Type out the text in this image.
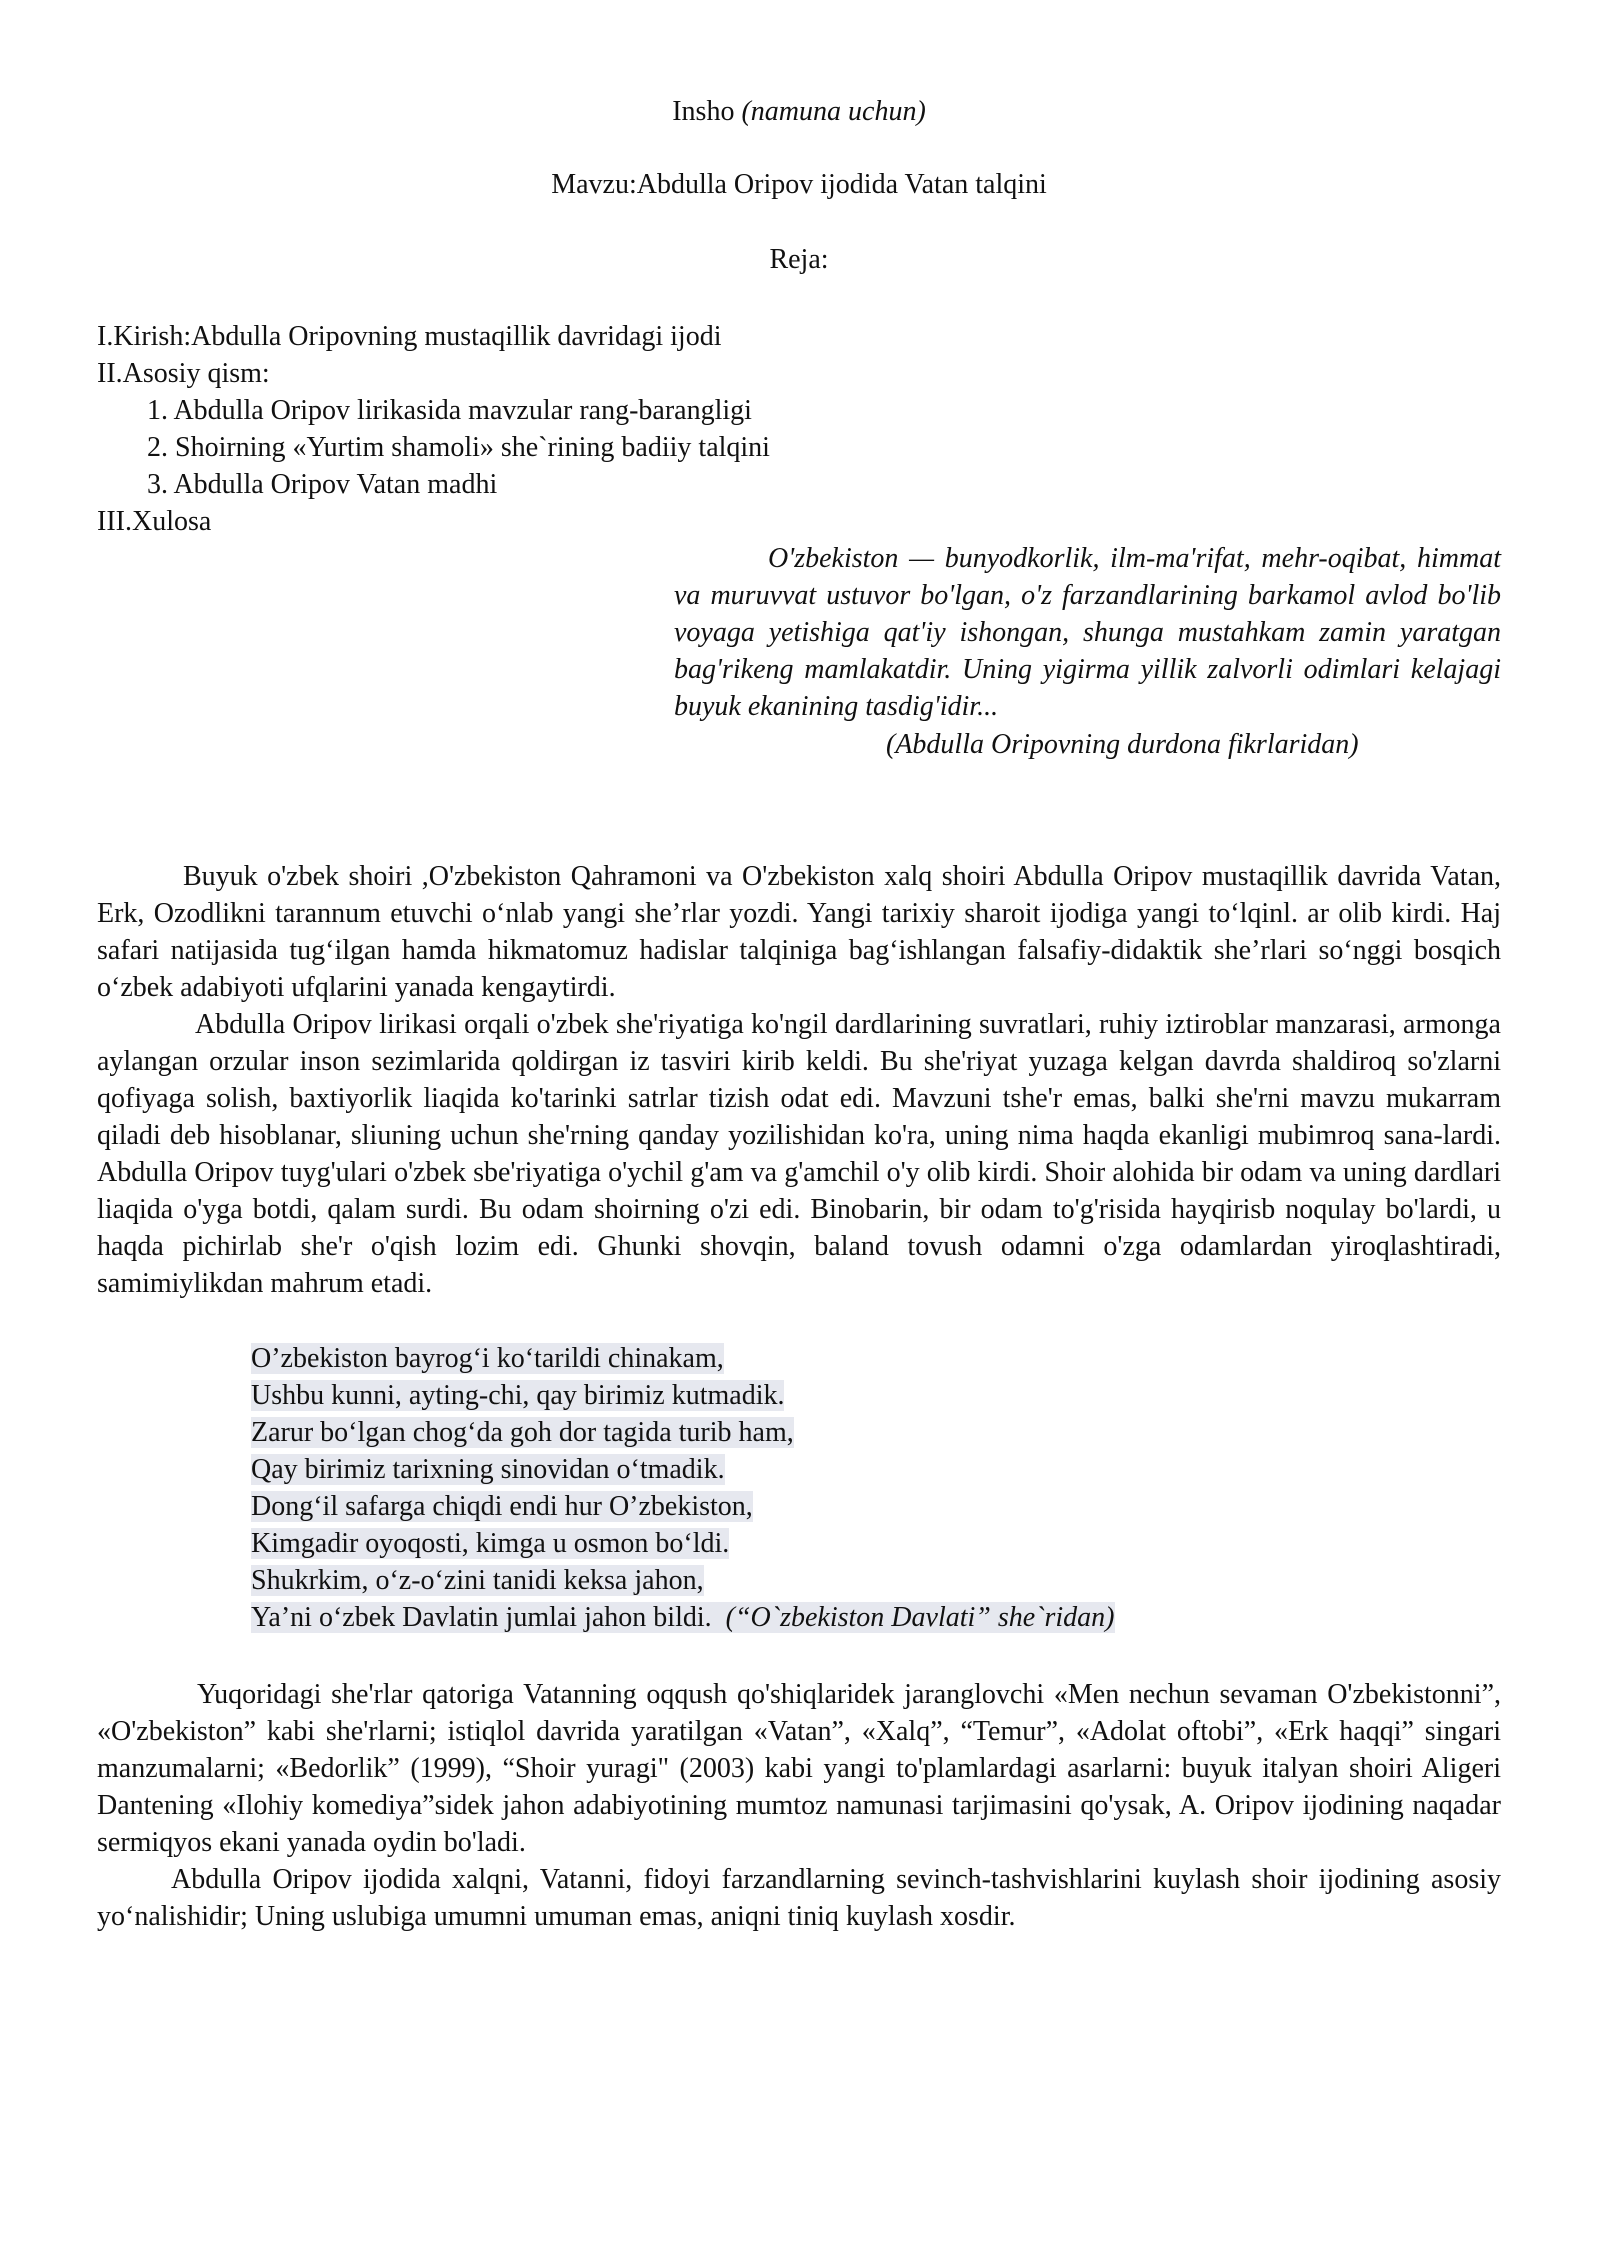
Insho (namuna uchun)
Mavzu:Abdulla Oripov ijodida Vatan talqini
Reja:
I.Kirish:Abdulla Oripovning mustaqillik davridagi ijodi
II.Asosiy qism:
1. Abdulla Oripov lirikasida mavzular rang-barangligi
2. Shoirning «Yurtim shamoli» she`rining badiiy talqini
3. Abdulla Oripov Vatan madhi
III.Xulosa
O'zbekiston — bunyodkorlik, ilm-ma'rifat, mehr-oqibat, himmat va muruvvat ustuvor bo'lgan, o'z farzandlarining barkamol avlod bo'lib voyaga yetishiga qat'iy ishongan, shunga mustahkam zamin yaratgan bag'rikeng mamlakatdir. Uning yigirma yillik zalvorli odimlari kelajagi buyuk ekanining tasdig'idir...
(Abdulla Oripovning durdona fikrlaridan)

Buyuk o'zbek shoiri ,O'zbekiston Qahramoni va O'zbekiston xalq shoiri Abdulla Oripov mustaqillik davrida Vatan, Erk, Ozodlikni tarannum etuvchi o‘nlab yangi she’rlar yozdi. Yangi tarixiy sharoit ijodiga yangi to‘lqinl. ar olib kirdi. Haj safari natijasida tug‘ilgan hamda hikmatomuz hadislar talqiniga bag‘ishlangan falsafiy-didaktik she’rlari so‘nggi bosqich o‘zbek adabiyoti ufqlarini yanada kengaytirdi.

Abdulla Oripov lirikasi orqali o'zbek she'riyatiga ko'ngil dardlarining suvratlari, ruhiy iztiroblar manzarasi, armonga aylangan orzular inson sezimlarida qoldirgan iz tasviri kirib keldi. Bu she'riyat yuzaga kelgan davrda shaldiroq so'zlarni qofiyaga solish, baxtiyorlik liaqida ko'tarinki satrlar tizish odat edi. Mavzuni tshe'r emas, balki she'rni mavzu mukarram qiladi deb hisoblanar, sliuning uchun she'rning qanday yozilishidan ko'ra, uning nima haqda ekanligi mubimroq sana-lardi. Abdulla Oripov tuyg'ulari o'zbek sbe'riyatiga o'ychil g'am va g'amchil o'y olib kirdi. Shoir alohida bir odam va uning dardlari liaqida o'yga botdi, qalam surdi. Bu odam shoirning o'zi edi. Binobarin, bir odam to'g'risida hayqirisb noqulay bo'lardi, u haqda pichirlab she'r o'qish lozim edi. Ghunki shovqin, baland tovush odamni o'zga odamlardan yiroqlashtiradi, samimiylikdan mahrum etadi.

O’zbekiston bayrog‘i ko‘tarildi chinakam,
Ushbu kunni, ayting-chi, qay birimiz kutmadik.
Zarur bo‘lgan chog‘da goh dor tagida turib ham,
Qay birimiz tarixning sinovidan o‘tmadik.
Dong‘il safarga chiqdi endi hur O’zbekiston,
Kimgadir oyoqosti, kimga u osmon bo‘ldi.
Shukrkim, o‘z-o‘zini tanidi keksa jahon,
Ya’ni o‘zbek Davlatin jumlai jahon bildi. (“O`zbekiston Davlati” she`ridan)

Yuqoridagi she'rlar qatoriga Vatanning oqqush qo'shiqlaridek jaranglovchi «Men nechun sevaman O'zbekistonni”, «O'zbekiston” kabi she'rlarni; istiqlol davrida yaratilgan «Vatan”, «Xalq”, “Temur”, «Adolat oftobi”, «Erk haqqi” singari manzumalarni; «Bedorlik” (1999), “Shoir yuragi" (2003) kabi yangi to'plamlardagi asarlarni: buyuk italyan shoiri Aligeri Dantening «Ilohiy komediya”sidek jahon adabiyotining mumtoz namunasi tarjimasini qo'ysak, A. Oripov ijodining naqadar sermiqyos ekani yanada oydin bo'ladi.

Abdulla Oripov ijodida xalqni, Vatanni, fidoyi farzandlarning sevinch-tashvishlarini kuylash shoir ijodining asosiy yo‘nalishidir; Uning uslubiga umumni umuman emas, aniqni tiniq kuylash xosdir.
